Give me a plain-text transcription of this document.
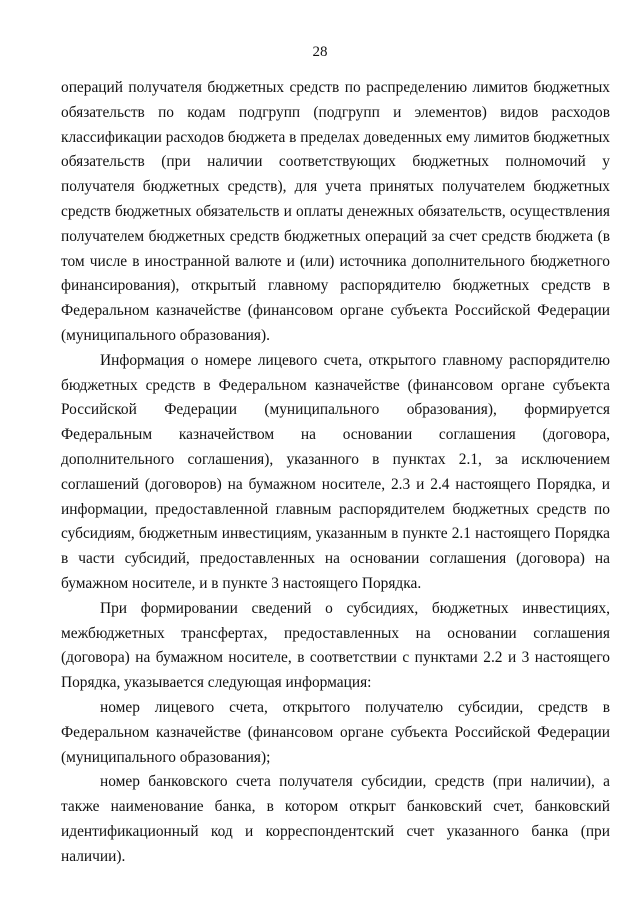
28

операций получателя бюджетных средств по распределению лимитов бюджетных обязательств по кодам подгрупп (подгрупп и элементов) видов расходов классификации расходов бюджета в пределах доведенных ему лимитов бюджетных обязательств (при наличии соответствующих бюджетных полномочий у получателя бюджетных средств), для учета принятых получателем бюджетных средств бюджетных обязательств и оплаты денежных обязательств, осуществления получателем бюджетных средств бюджетных операций за счет средств бюджета (в том числе в иностранной валюте и (или) источника дополнительного бюджетного финансирования), открытый главному распорядителю бюджетных средств в Федеральном казначействе (финансовом органе субъекта Российской Федерации (муниципального образования).

Информация о номере лицевого счета, открытого главному распорядителю бюджетных средств в Федеральном казначействе (финансовом органе субъекта Российской Федерации (муниципального образования), формируется Федеральным казначейством на основании соглашения (договора, дополнительного соглашения), указанного в пунктах 2.1, за исключением соглашений (договоров) на бумажном носителе, 2.3 и 2.4 настоящего Порядка, и информации, предоставленной главным распорядителем бюджетных средств по субсидиям, бюджетным инвестициям, указанным в пункте 2.1 настоящего Порядка в части субсидий, предоставленных на основании соглашения (договора) на бумажном носителе, и в пункте 3 настоящего Порядка.

При формировании сведений о субсидиях, бюджетных инвестициях, межбюджетных трансфертах, предоставленных на основании соглашения (договора) на бумажном носителе, в соответствии с пунктами 2.2 и 3 настоящего Порядка, указывается следующая информация:

номер лицевого счета, открытого получателю субсидии, средств в Федеральном казначействе (финансовом органе субъекта Российской Федерации (муниципального образования);

номер банковского счета получателя субсидии, средств (при наличии), а также наименование банка, в котором открыт банковский счет, банковский идентификационный код и корреспондентский счет указанного банка (при наличии).
